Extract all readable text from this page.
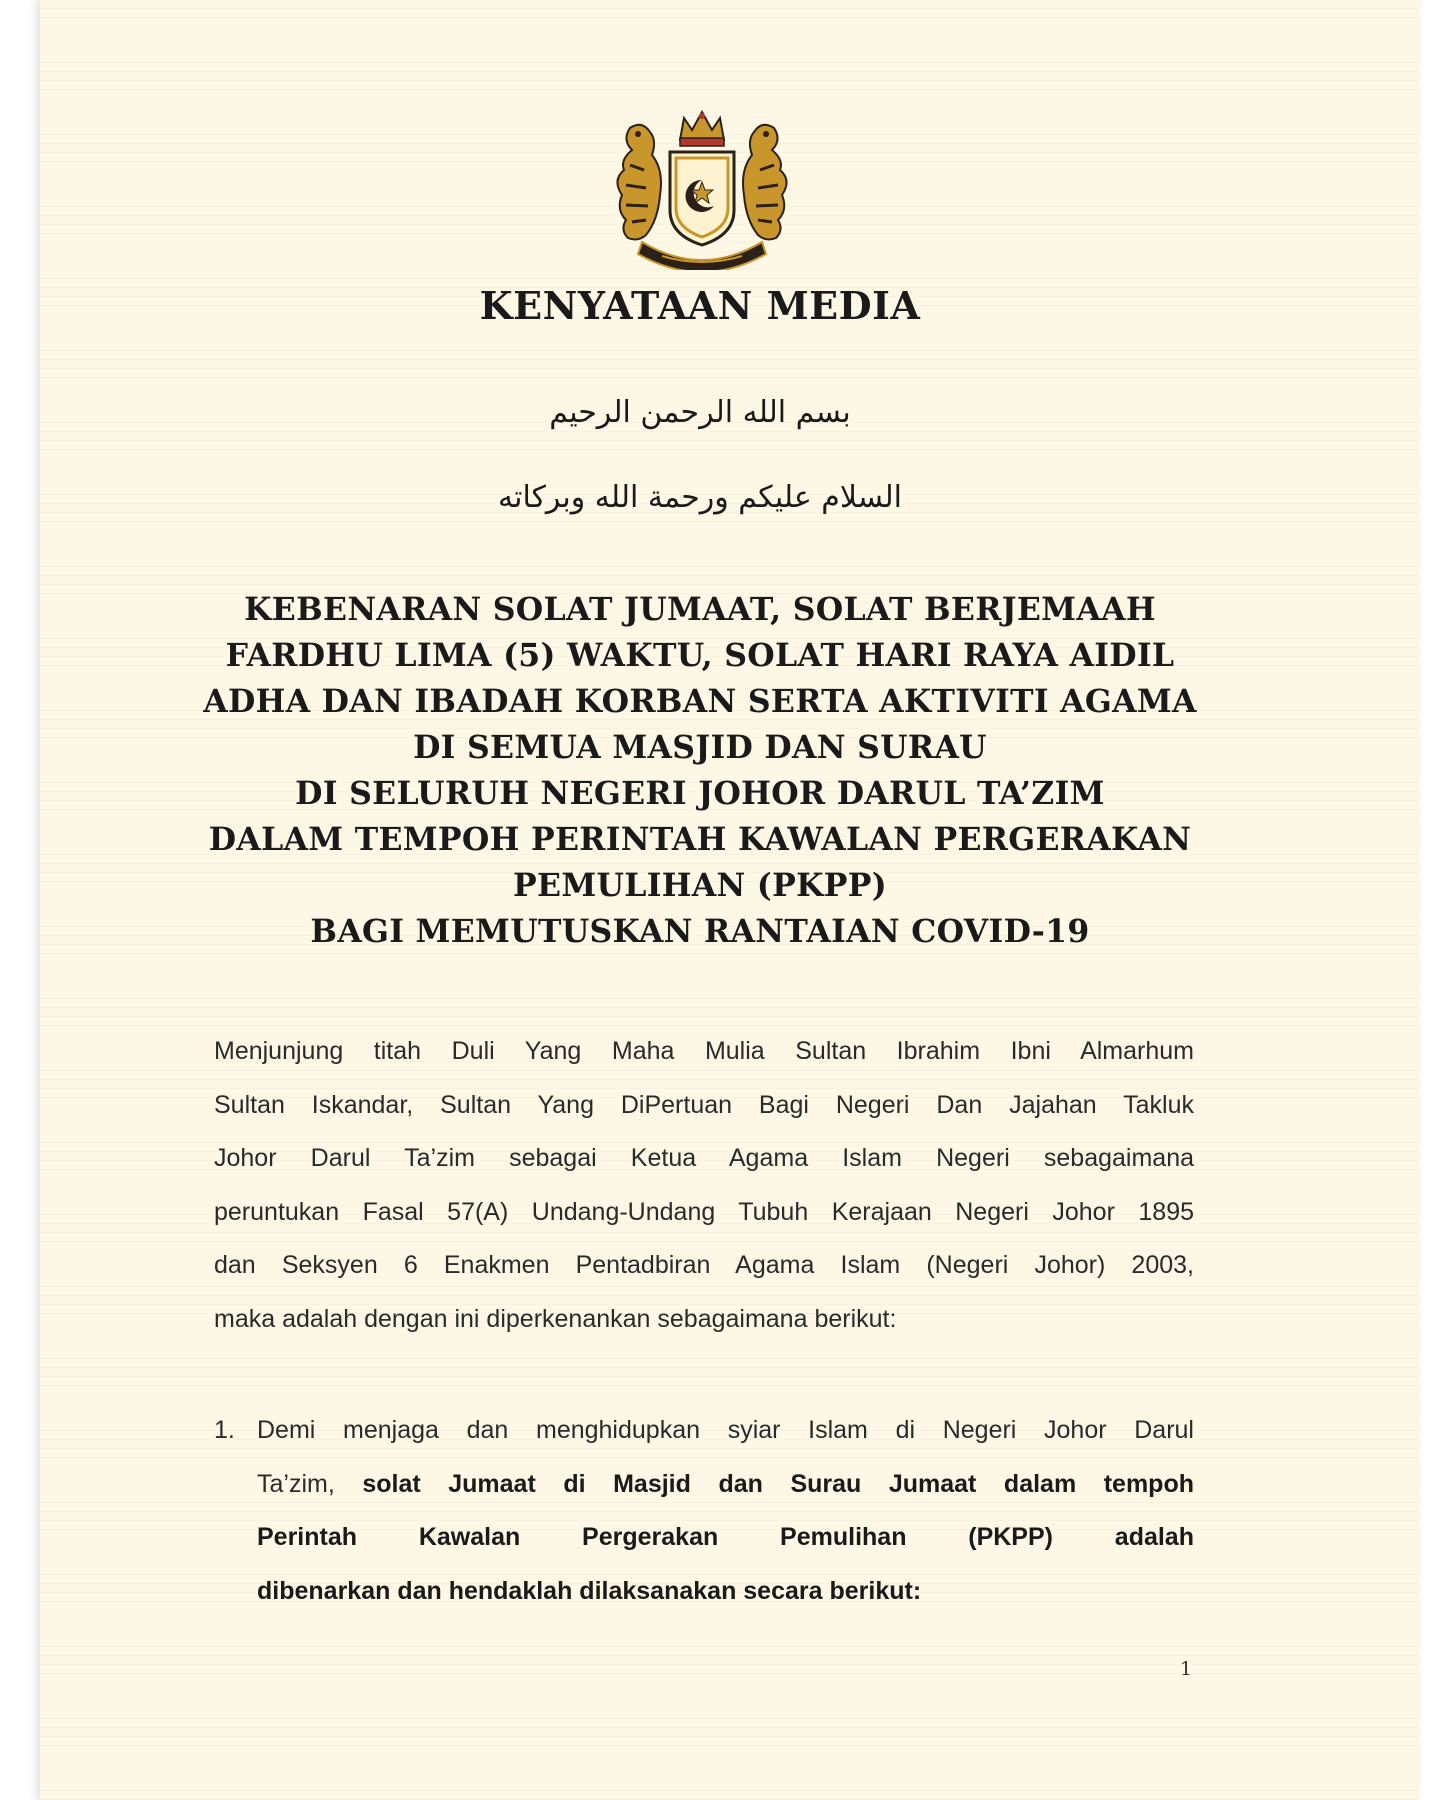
KENYATAAN MEDIA
بسم الله الرحمن الرحيم
السلام عليكم ورحمة الله وبركاته
KEBENARAN SOLAT JUMAAT, SOLAT BERJEMAAH
FARDHU LIMA (5) WAKTU, SOLAT HARI RAYA AIDIL
ADHA DAN IBADAH KORBAN SERTA AKTIVITI AGAMA
DI SEMUA MASJID DAN SURAU
DI SELURUH NEGERI JOHOR DARUL TA’ZIM
DALAM TEMPOH PERINTAH KAWALAN PERGERAKAN
PEMULIHAN (PKPP)
BAGI MEMUTUSKAN RANTAIAN COVID-19
Menjunjung titah Duli Yang Maha Mulia Sultan Ibrahim Ibni Almarhum
Sultan Iskandar, Sultan Yang DiPertuan Bagi Negeri Dan Jajahan Takluk
Johor Darul Ta’zim sebagai Ketua Agama Islam Negeri sebagaimana
peruntukan Fasal 57(A) Undang-Undang Tubuh Kerajaan Negeri Johor 1895
dan Seksyen 6 Enakmen Pentadbiran Agama Islam (Negeri Johor) 2003,
maka adalah dengan ini diperkenankan sebagaimana berikut:
1. Demi menjaga dan menghidupkan syiar Islam di Negeri Johor Darul
Ta’zim, solat Jumaat di Masjid dan Surau Jumaat dalam tempoh
Perintah Kawalan Pergerakan Pemulihan (PKPP) adalah
dibenarkan dan hendaklah dilaksanakan secara berikut:
1
